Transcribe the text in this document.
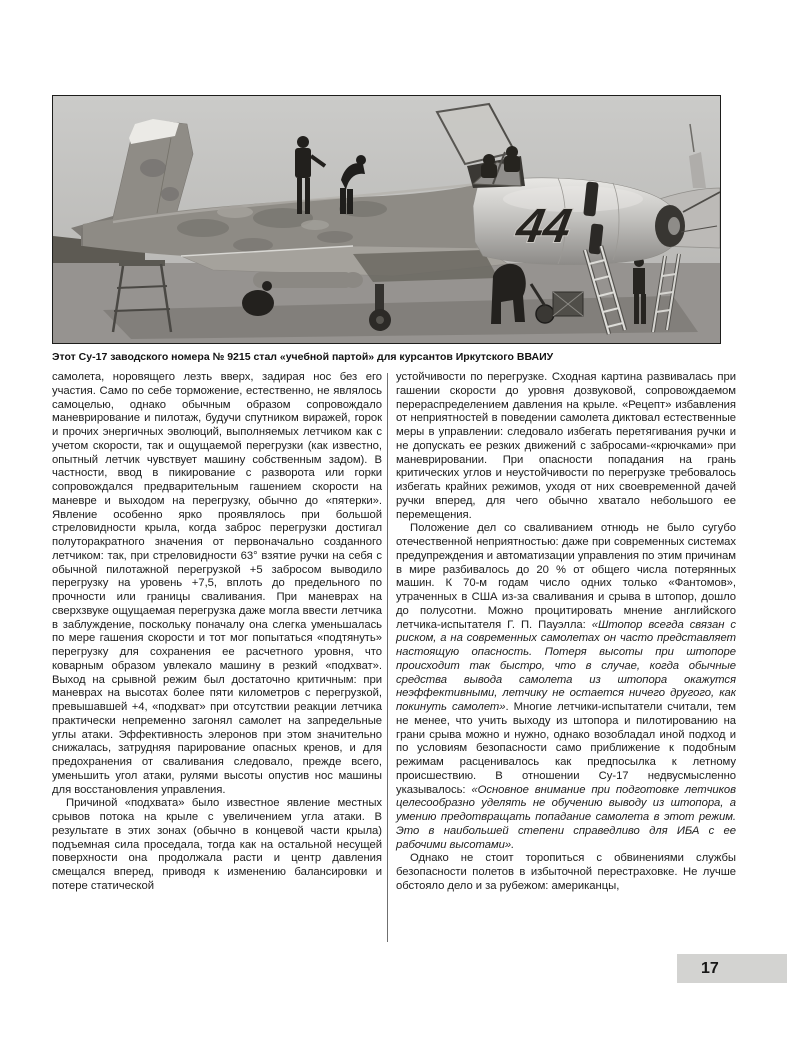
44
Этот Су-17 заводского номера № 9215 стал «учебной партой» для курсантов Иркутского ВВАИУ

самолета, норовящего лезть вверх, задирая нос без его участия. Само по себе торможение, естественно, не являлось самоцелью, однако обычным образом сопровождало маневрирование и пилотаж, будучи спутником виражей, горок и прочих энергичных эволюций, выполняемых летчиком как с учетом скорости, так и ощущаемой перегрузки (как известно, опытный летчик чувствует машину собственным задом). В частности, ввод в пикирование с разворота или горки сопровождался предварительным гашением скорости на маневре и выходом на перегрузку, обычно до «пятерки». Явление особенно ярко проявлялось при большой стреловидности крыла, когда заброс перегрузки достигал полуторакратного значения от первоначально созданного летчиком: так, при стреловидности 63° взятие ручки на себя с обычной пилотажной перегрузкой +5 забросом выводило перегрузку на уровень +7,5, вплоть до предельного по прочности или границы сваливания. При маневрах на сверхзвуке ощущаемая перегрузка даже могла ввести летчика в заблуждение, поскольку поначалу она слегка уменьшалась по мере гашения скорости и тот мог попытаться «подтянуть» перегрузку для сохранения ее расчетного уровня, что коварным образом увлекало машину в резкий «подхват». Выход на срывной режим был достаточно критичным: при маневрах на высотах более пяти километров с перегрузкой, превышавшей +4, «подхват» при отсутствии реакции летчика практически непременно загонял самолет на запредельные углы атаки. Эффективность элеронов при этом значительно снижалась, затрудняя парирование опасных кренов, и для предохранения от сваливания следовало, прежде всего, уменьшить угол атаки, рулями высоты опустив нос машины для восстановления управления.

Причиной «подхвата» было известное явление местных срывов потока на крыле с увеличением угла атаки. В результате в этих зонах (обычно в концевой части крыла) подъемная сила проседала, тогда как на остальной несущей поверхности она продолжала расти и центр давления смещался вперед, приводя к изменению балансировки и потере статической

устойчивости по перегрузке. Сходная картина развивалась при гашении скорости до уровня дозвуковой, сопровождаемом перераспределением давления на крыле. «Рецепт» избавления от неприятностей в поведении самолета диктовал естественные меры в управлении: следовало избегать перетягивания ручки и не допускать ее резких движений с забросами-«крючками» при маневрировании. При опасности попадания на грань критических углов и неустойчивости по перегрузке требовалось избегать крайних режимов, уходя от них своевременной дачей ручки вперед, для чего обычно хватало небольшого ее перемещения.

Положение дел со сваливанием отнюдь не было сугубо отечественной неприятностью: даже при современных системах предупреждения и автоматизации управления по этим причинам в мире разбивалось до 20 % от общего числа потерянных машин. К 70-м годам число одних только «Фантомов», утраченных в США из-за сваливания и срыва в штопор, дошло до полусотни. Можно процитировать мнение английского летчика-испытателя Г. П. Пауэлла: «Штопор всегда связан с риском, а на современных самолетах он часто представляет настоящую опасность. Потеря высоты при штопоре происходит так быстро, что в случае, когда обычные средства вывода самолета из штопора окажутся неэффективными, летчику не остается ничего другого, как покинуть самолет». Многие летчики-испытатели считали, тем не менее, что учить выходу из штопора и пилотированию на грани срыва можно и нужно, однако возобладал иной подход и по условиям безопасности само приближение к подобным режимам расценивалось как предпосылка к летному происшествию. В отношении Су-17 недвусмысленно указывалось: «Основное внимание при подготовке летчиков целесообразно уделять не обучению выводу из штопора, а умению предотвращать попадание самолета в этот режим. Это в наибольшей степени справедливо для ИБА с ее рабочими высотами».

Однако не стоит торопиться с обвинениями службы безопасности полетов в избыточной перестраховке. Не лучше обстояло дело и за рубежом: американцы,

17
